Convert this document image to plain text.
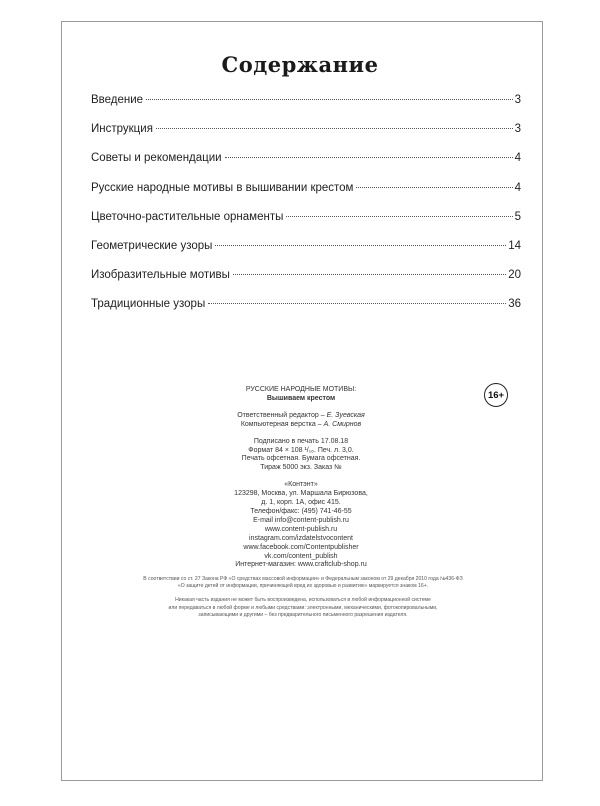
Содержание
Введение	3
Инструкция	3
Советы и рекомендации	4
Русские народные мотивы в вышивании крестом	4
Цветочно-растительные орнаменты	5
Геометрические узоры	14
Изобразительные мотивы	20
Традиционные узоры	36
16+
РУССКИЕ НАРОДНЫЕ МОТИВЫ:
Вышиваем крестом
Ответственный редактор – Е. Зуевская
Компьютерная верстка – А. Смирнов
Подписано в печать 17.08.18
Формат 84 × 108 ¹/₁₆. Печ. л. 3,0.
Печать офсетная. Бумага офсетная.
Тираж 5000 экз. Заказ №
«Контэнт»
123298, Москва, ул. Маршала Бирюзова,
д. 1, корп. 1А, офис 415.
Телефон/факс: (495) 741-46-55
E-mail info@content-publish.ru
www.content-publish.ru
instagram.com/izdatelstvocontent
www.facebook.com/Contentpublisher
vk.com/content_publish
Интернет-магазин: www.craftclub-shop.ru
В соответствии со ст. 27 Закона РФ «О средствах массовой информации» и Федеральным законом от 29 декабря 2010 года №436-ФЗ
«О защите детей от информации, причиняющей вред их здоровью и развитию» маркируется знаком 16+.
Никакая часть издания не может быть воспроизведена, использоваться в любой информационной системе
или передаваться в любой форме и любыми средствами: электронными, механическими, фотокопировальными,
записывающими и другими – без предварительного письменного разрешения издателя.
